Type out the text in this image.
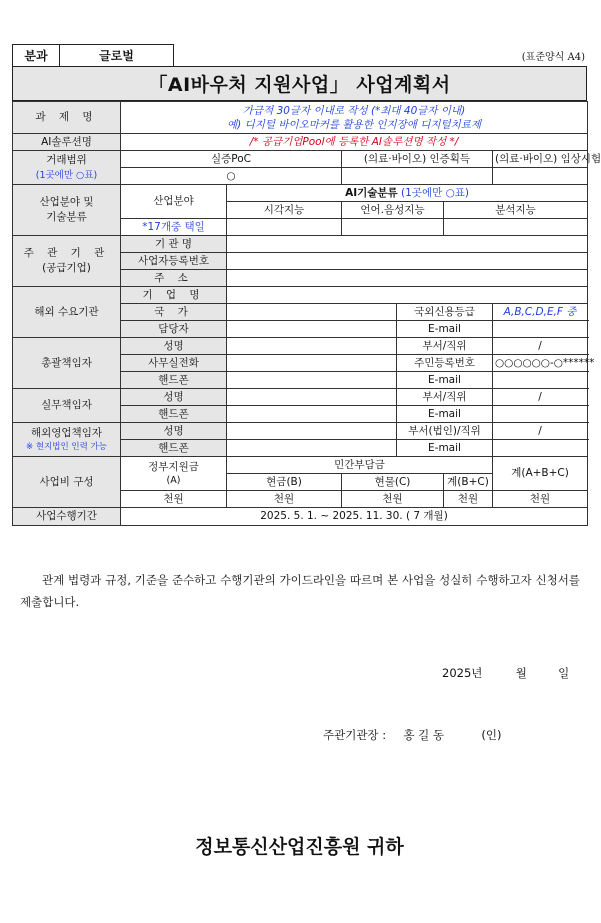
분과	글로벌	(표준양식 A4)
「AI바우처 지원사업」 사업계획서
과 제 명	가급적 30글자 이내로 작성 (*최대 40글자 이내)
예) 디지털 바이오마커를 활용한 인지장애 디지털치료제						

AI솔루션명	/* 공급기업Pool에 등록한 AI솔루션명 작성 */						

거래범위
(1곳에만 ○표)	실증PoC		(의료·바이오) 인증획득			(의료·바이오) 임상시험	
	○						

산업분야 및
기술분류	산업분야	AI기술분류 (1곳에만 ○표)					
		시각지능	언어.음성지능		분석지능	
	*17개중 택일						

주 관 기 관
(공급기업)	기 관 명						
	사업자등록번호						
	주 소						
해외 수요기관	기 업 명						
	국 가			국외신용등급		A,B,C,D,E,F 중	
	담당자			E-mail			
총괄책임자	성명			부서/직위		/	
	사무실전화			주민등록번호		○○○○○○-○******	
	핸드폰			E-mail			
실무책임자	성명			부서/직위		/	
	핸드폰			E-mail			

해외영업책임자
※ 현지법인 인력 가능	성명			부서(법인)/직위		/	
	핸드폰			E-mail			
사업비 구성	정부지원금
(A)	민간부담금				계(A+B+C)	
		현금(B)	현물(C)		계(B+C)		
	천원	천원	천원		천원	천원	
사업수행기간	2025. 5. 1. ~ 2025. 11. 30. ( 7 개월)						
관계 법령과 규정, 기준을 준수하고 수행기관의 가이드라인을 따르며 본 사업을 성실히 수행하고자 신청서를 제출합니다.
2025년	월	일
주관기관장 : 홍 길 동	(인)
정보통신산업진흥원 귀하
